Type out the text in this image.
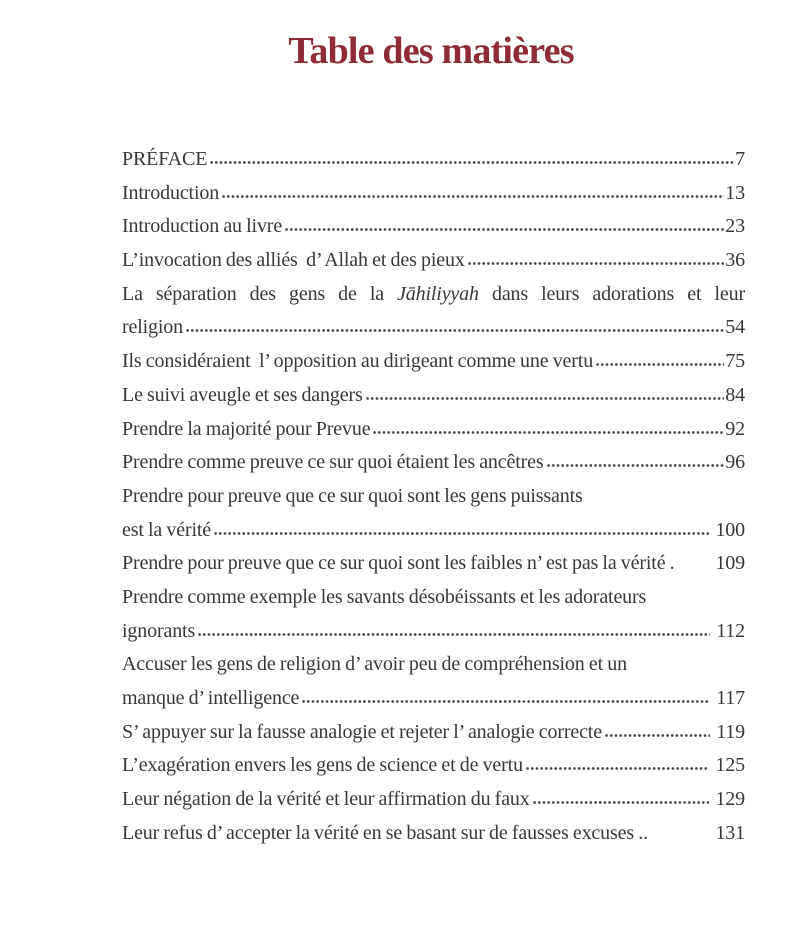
Table des matières
PRÉFACE	7
Introduction	13
Introduction au livre	23
L’invocation des alliés  d’ Allah et des pieux	36
La séparation des gens de la Jāhiliyyah dans leurs adorations et leur
religion	54
Ils considéraient  l’ opposition au dirigeant comme une vertu	75
Le suivi aveugle et ses dangers	84
Prendre la majorité pour Prevue	92
Prendre comme preuve ce sur quoi étaient les ancêtres	96
Prendre pour preuve que ce sur quoi sont les gens puissants
est la vérité	100
Prendre pour preuve que ce sur quoi sont les faibles n’ est pas la vérité . 109
Prendre comme exemple les savants désobéissants et les adorateurs
ignorants	112
Accuser les gens de religion d’ avoir peu de compréhension et un
manque d’ intelligence	117
S’ appuyer sur la fausse analogie et rejeter l’ analogie correcte	119
L’exagération envers les gens de science et de vertu	125
Leur négation de la vérité et leur affirmation du faux	129
Leur refus d’ accepter la vérité en se basant sur de fausses excuses ..	131
